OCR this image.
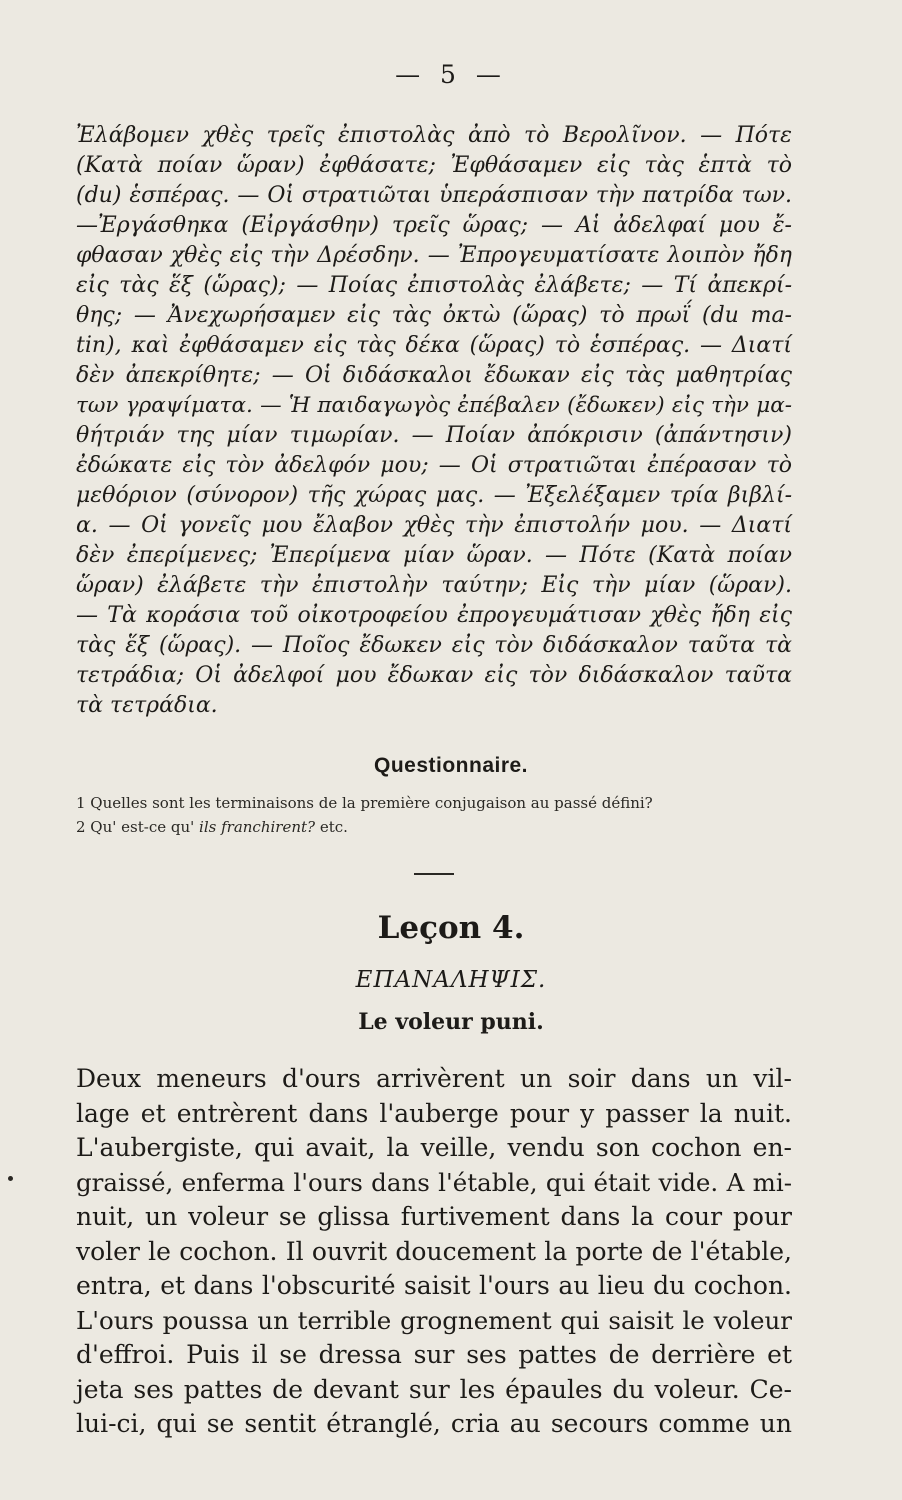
— 5 —
Ἐλάβομεν χθὲς τρεῖς ἐπιστολὰς ἀπὸ τὸ Βερολῖνον. — Πότε
(Κατὰ ποίαν ὥραν) ἐφθάσατε; Ἐφθάσαμεν εἰς τὰς ἑπτὰ τὸ
(du) ἑσπέρας. — Οἱ στρατιῶται ὑπεράσπισαν τὴν πατρίδα των.
—Ἐργάσθηκα (Εἰργάσθην) τρεῖς ὥρας; — Αἱ ἀδελφαί μου ἔ-
φθασαν χθὲς εἰς τὴν Δρέσδην. — Ἐπρογευματίσατε λοιπὸν ἤδη
εἰς τὰς ἕξ (ὥρας); — Ποίας ἐπιστολὰς ἐλάβετε; — Τί ἀπεκρί-
θης; — Ἀνεχωρήσαμεν εἰς τὰς ὀκτὼ (ὥρας) τὸ πρωΐ (du ma-
tin), καὶ ἐφθάσαμεν εἰς τὰς δέκα (ὥρας) τὸ ἑσπέρας. — Διατί
δὲν ἀπεκρίθητε; — Οἱ διδάσκαλοι ἔδωκαν εἰς τὰς μαθητρίας
των γραψίματα. — Ἡ παιδαγωγὸς ἐπέβαλεν (ἔδωκεν) εἰς τὴν μα-
θήτριάν της μίαν τιμωρίαν. — Ποίαν ἀπόκρισιν (ἀπάντησιν)
ἐδώκατε εἰς τὸν ἀδελφόν μου; — Οἱ στρατιῶται ἐπέρασαν τὸ
μεθόριον (σύνορον) τῆς χώρας μας. — Ἐξελέξαμεν τρία βιβλί-
α. — Οἱ γονεῖς μου ἔλαβον χθὲς τὴν ἐπιστολήν μου. — Διατί
δὲν ἐπερίμενες; Ἐπερίμενα μίαν ὥραν. — Πότε (Κατὰ ποίαν
ὥραν) ἐλάβετε τὴν ἐπιστολὴν ταύτην; Εἰς τὴν μίαν (ὥραν).
— Τὰ κοράσια τοῦ οἰκοτροφείου ἐπρογευμάτισαν χθὲς ἤδη εἰς
τὰς ἕξ (ὥρας). — Ποῖος ἔδωκεν εἰς τὸν διδάσκαλον ταῦτα τὰ
τετράδια; Οἱ ἀδελφοί μου ἔδωκαν εἰς τὸν διδάσκαλον ταῦτα
τὰ τετράδια.
Questionnaire.
1 Quelles sont les terminaisons de la première conjugaison au passé défini?
2 Qu' est-ce qu' ils franchirent? etc.
Leçon 4.
ΕΠΑΝΑΛΗΨΙΣ.
Le voleur puni.
Deux meneurs d'ours arrivèrent un soir dans un vil-
lage et entrèrent dans l'auberge pour y passer la nuit.
L'aubergiste, qui avait, la veille, vendu son cochon en-
graissé, enferma l'ours dans l'étable, qui était vide. A mi-
nuit, un voleur se glissa furtivement dans la cour pour
voler le cochon. Il ouvrit doucement la porte de l'étable,
entra, et dans l'obscurité saisit l'ours au lieu du cochon.
L'ours poussa un terrible grognement qui saisit le voleur
d'effroi. Puis il se dressa sur ses pattes de derrière et
jeta ses pattes de devant sur les épaules du voleur. Ce-
lui-ci, qui se sentit étranglé, cria au secours comme un
